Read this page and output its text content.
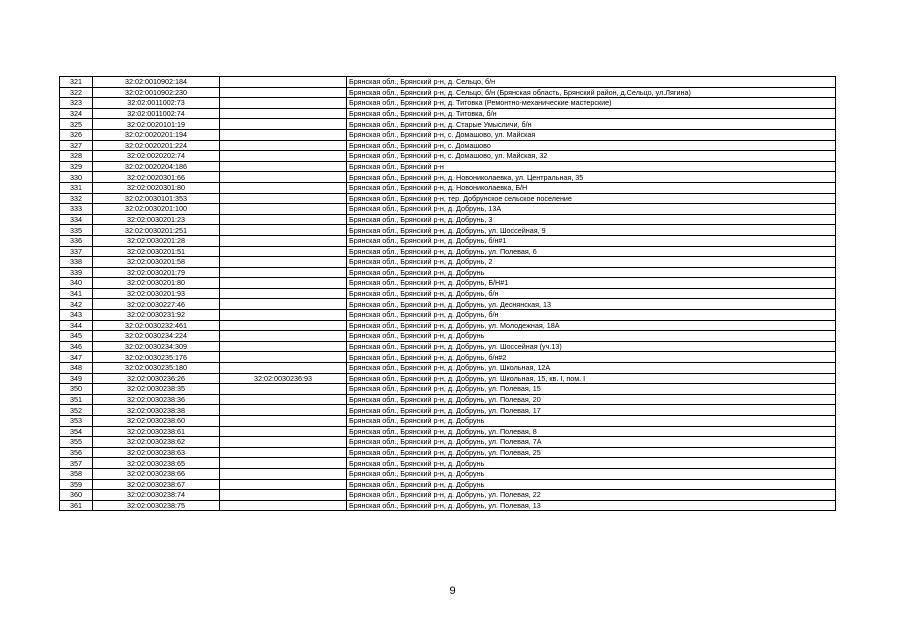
321	32:02:0010902:184		Брянская обл., Брянский р-н, д. Сельцо, б/н
322	32:02:0010902:230		Брянская обл., Брянский р-н, д. Сельцо, б/н (Брянская область, Брянский район, д.Сельцо, ул.Лягина)
323	32:02:0011002:73		Брянская обл., Брянский р-н, д. Титовка (Ремонтно-механические мастерские)
324	32:02:0011002:74		Брянская обл., Брянский р-н, д. Титовка, б/н
325	32:02:0020101:19		Брянская обл., Брянский р-н, д. Старые Умысличи, б/н
326	32:02:0020201:194		Брянская обл., Брянский р-н, с. Домашово, ул. Майская
327	32:02:0020201:224		Брянская обл., Брянский р-н, с. Домашово
328	32:02:0020202:74		Брянская обл., Брянский р-н, с. Домашово, ул. Майская, 32
329	32:02:0020204:186		Брянская обл., Брянский р-н
330	32:02:0020301:66		Брянская обл., Брянский р-н, д. Новониколаевка, ул. Центральная, 35
331	32:02:0020301:80		Брянская обл., Брянский р-н, д. Новониколаевка, Б/Н
332	32:02:0030101:353		Брянская обл., Брянский р-н, тер. Добрунское сельское поселение
333	32:02:0030201:100		Брянская обл., Брянский р-н, д. Добрунь, 13А
334	32:02:0030201:23		Брянская обл., Брянский р-н, д. Добрунь, 3
335	32:02:0030201:251		Брянская обл., Брянский р-н, д. Добрунь, ул. Шоссейная, 9
336	32:02:0030201:28		Брянская обл., Брянский р-н, д. Добрунь, б/н#1
337	32:02:0030201:51		Брянская обл., Брянский р-н, д. Добрунь, ул. Полевая, 6
338	32:02:0030201:58		Брянская обл., Брянский р-н, д. Добрунь, 2
339	32:02:0030201:79		Брянская обл., Брянский р-н, д. Добрунь
340	32:02:0030201:80		Брянская обл., Брянский р-н, д. Добрунь, Б/Н#1
341	32:02:0030201:93		Брянская обл., Брянский р-н, д. Добрунь, б/н
342	32:02:0030227:46		Брянская обл., Брянский р-н, д. Добрунь, ул. Деснянская, 13
343	32:02:0030231:92		Брянская обл., Брянский р-н, д. Добрунь, б/н
344	32:02:0030232:461		Брянская обл., Брянский р-н, д. Добрунь, ул. Молодежная, 18А
345	32:02:0030234:224		Брянская обл., Брянский р-н, д. Добрунь
346	32:02:0030234:309		Брянская обл., Брянский р-н, д. Добрунь, ул. Шоссейная (уч.13)
347	32:02:0030235:176		Брянская обл., Брянский р-н, д. Добрунь, б/н#2
348	32:02:0030235:180		Брянская обл., Брянский р-н, д. Добрунь, ул. Школьная, 12А
349	32:02:0030236:26	32:02:0030236:93	Брянская обл., Брянский р-н, д. Добрунь, ул. Школьная, 15, кв. I, пом. I
350	32:02:0030238:35		Брянская обл., Брянский р-н, д. Добрунь, ул. Полевая, 15
351	32:02:0030238:36		Брянская обл., Брянский р-н, д. Добрунь, ул. Полевая, 20
352	32:02:0030238:38		Брянская обл., Брянский р-н, д. Добрунь, ул. Полевая, 17
353	32:02:0030238:60		Брянская обл., Брянский р-н, д. Добрунь
354	32:02:0030238:61		Брянская обл., Брянский р-н, д. Добрунь, ул. Полевая, 8
355	32:02:0030238:62		Брянская обл., Брянский р-н, д. Добрунь, ул. Полевая, 7А
356	32:02:0030238:63		Брянская обл., Брянский р-н, д. Добрунь, ул. Полевая, 25
357	32:02:0030238:65		Брянская обл., Брянский р-н, д. Добрунь
358	32:02:0030238:66		Брянская обл., Брянский р-н, д. Добрунь
359	32:02:0030238:67		Брянская обл., Брянский р-н, д. Добрунь
360	32:02:0030238:74		Брянская обл., Брянский р-н, д. Добрунь, ул. Полевая, 22
361	32:02:0030238:75		Брянская обл., Брянский р-н, д. Добрунь, ул. Полевая, 13
9
